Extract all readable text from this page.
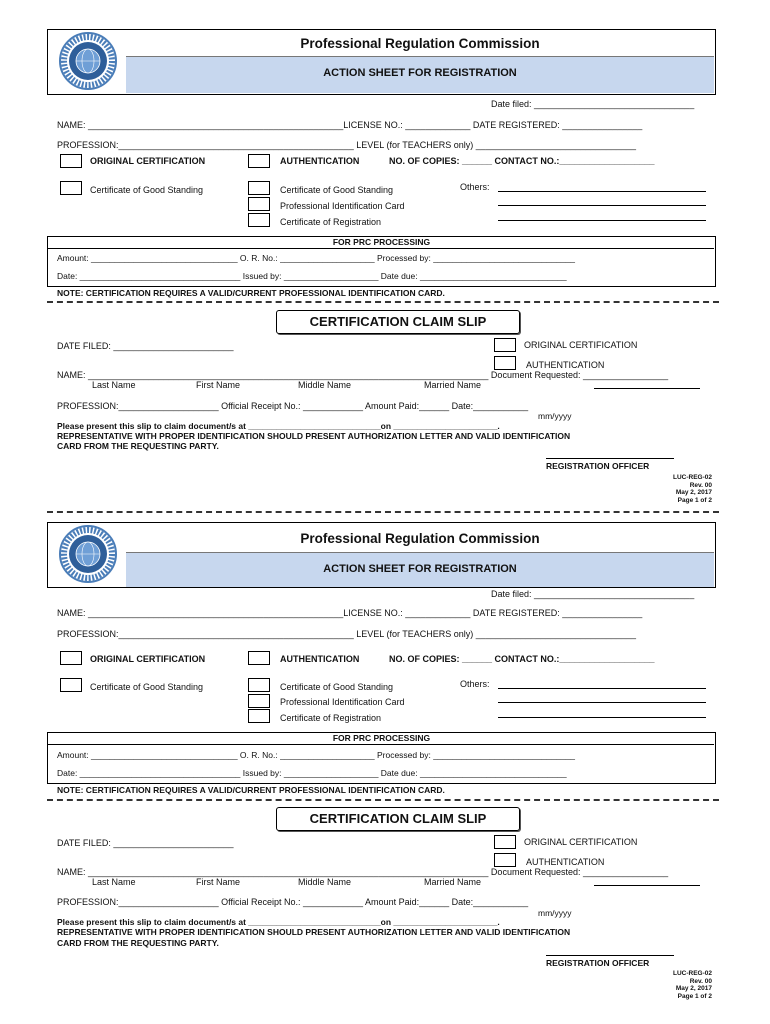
Professional Regulation Commission
ACTION SHEET FOR REGISTRATION
Date filed: ________________________________
NAME: ___________________________________________________LICENSE NO.: _____________ DATE REGISTERED: ________________
PROFESSION:_______________________________________________ LEVEL (for TEACHERS only) ________________________________
ORIGINAL CERTIFICATION	AUTHENTICATION	NO. OF COPIES: ______ CONTACT NO.:___________________
Certificate of Good Standing	Certificate of Good Standing
Professional Identification Card
Certificate of Registration
Others:
FOR PRC PROCESSING
Amount: _______________________________ O. R. No.: ____________________ Processed by: ______________________________
Date: __________________________________ Issued by: ____________________ Date due: _______________________________
NOTE: CERTIFICATION REQUIRES A VALID/CURRENT PROFESSIONAL IDENTIFICATION CARD.
CERTIFICATION CLAIM SLIP
DATE FILED: ________________________	ORIGINAL CERTIFICATION
AUTHENTICATION
NAME: ________________________________________________________________________________ Document Requested: _________________
Last Name	First Name	Middle Name	Married Name
PROFESSION:____________________ Official Receipt No.: ____________ Amount Paid:______ Date:___________
mm/yyyy
Please present this slip to claim document/s at ____________________________on ______________________.
REPRESENTATIVE WITH PROPER IDENTIFICATION SHOULD PRESENT AUTHORIZATION LETTER AND VALID IDENTIFICATION
CARD FROM THE REQUESTING PARTY.
REGISTRATION OFFICER
LUC-REG-02
Rev. 00
May 2, 2017
Page 1 of 2
Professional Regulation Commission
ACTION SHEET FOR REGISTRATION
Date filed: ________________________________
NAME: ___________________________________________________LICENSE NO.: _____________ DATE REGISTERED: ________________
PROFESSION:_______________________________________________ LEVEL (for TEACHERS only) ________________________________
ORIGINAL CERTIFICATION	AUTHENTICATION	NO. OF COPIES: ______ CONTACT NO.:___________________
Certificate of Good Standing	Certificate of Good Standing
Professional Identification Card
Certificate of Registration
Others:
FOR PRC PROCESSING
Amount: _______________________________ O. R. No.: ____________________ Processed by: ______________________________
Date: __________________________________ Issued by: ____________________ Date due: _______________________________
NOTE: CERTIFICATION REQUIRES A VALID/CURRENT PROFESSIONAL IDENTIFICATION CARD.
CERTIFICATION CLAIM SLIP
DATE FILED: ________________________	ORIGINAL CERTIFICATION
AUTHENTICATION
NAME: ________________________________________________________________________________ Document Requested: _________________
Last Name	First Name	Middle Name	Married Name
PROFESSION:____________________ Official Receipt No.: ____________ Amount Paid:______ Date:___________
mm/yyyy
Please present this slip to claim document/s at ____________________________on ______________________.
REPRESENTATIVE WITH PROPER IDENTIFICATION SHOULD PRESENT AUTHORIZATION LETTER AND VALID IDENTIFICATION
CARD FROM THE REQUESTING PARTY.
REGISTRATION OFFICER
LUC-REG-02
Rev. 00
May 2, 2017
Page 1 of 2
